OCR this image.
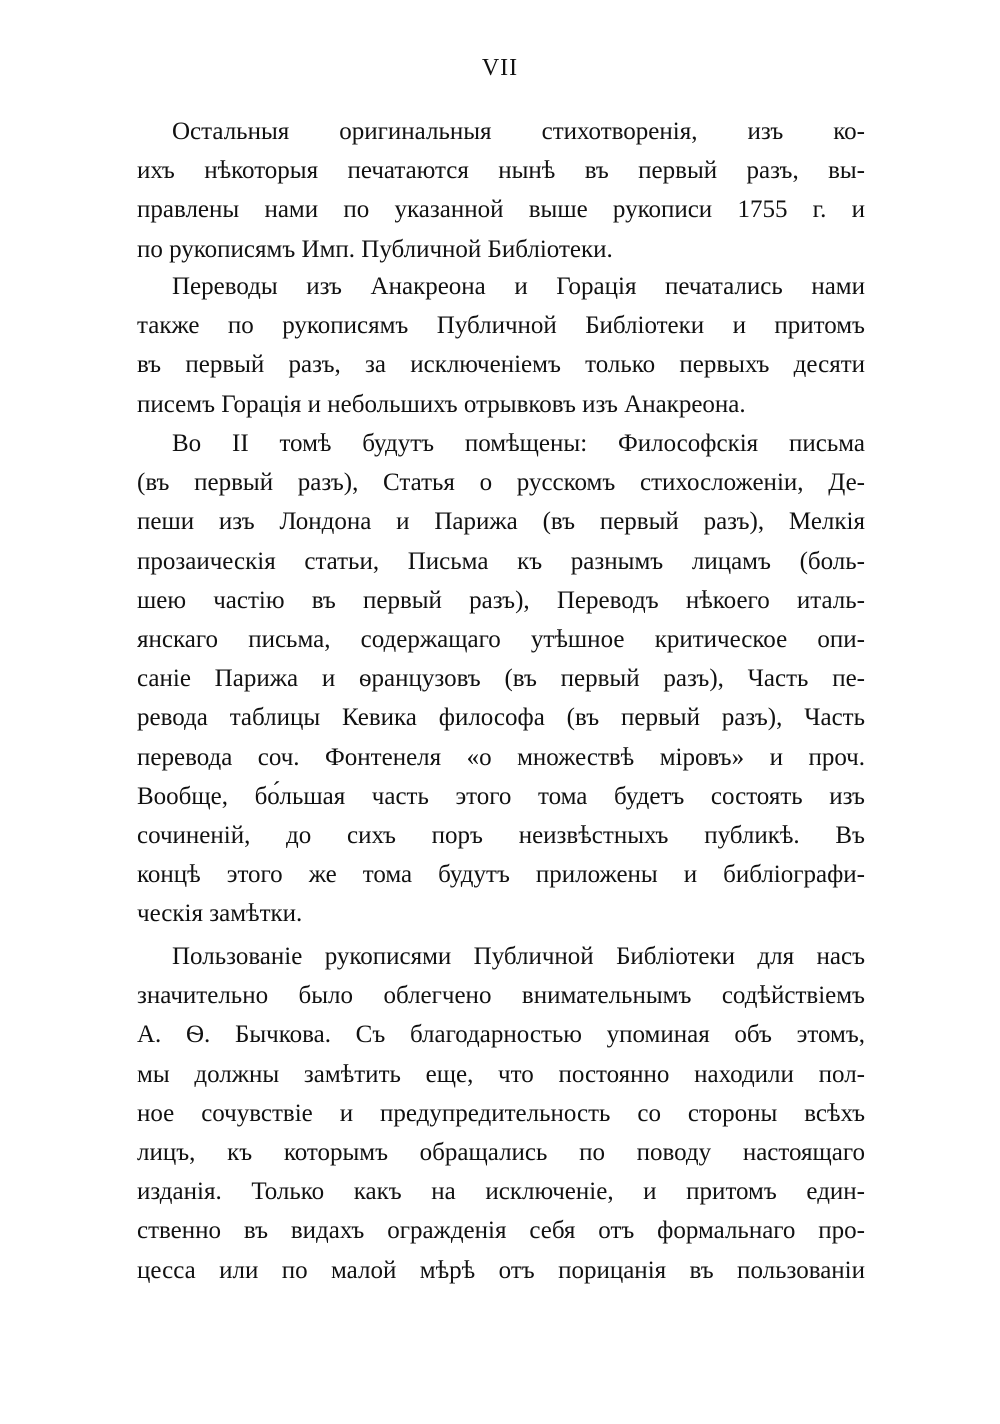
VII
Остальныя оригинальныя стихотворенія, изъ ко-
ихъ нѣкоторыя печатаются нынѣ въ первый разъ, вы-
правлены нами по указанной выше рукописи 1755 г. и
по рукописямъ Имп. Публичной Библіотеки.
Переводы изъ Анакреона и Горація печатались нами
также по рукописямъ Публичной Библіотеки и притомъ
въ первый разъ, за исключеніемъ только первыхъ десяти
писемъ Горація и небольшихъ отрывковъ изъ Анакреона.
Во II томѣ будутъ помѣщены: Философскія письма
(въ первый разъ), Статья о русскомъ стихосложеніи, Де-
пеши изъ Лондона и Парижа (въ первый разъ), Мелкія
прозаическія статьи, Письма къ разнымъ лицамъ (боль-
шею частію въ первый разъ), Переводъ нѣкоего италь-
янскаго письма, содержащаго утѣшное критическое опи-
саніе Парижа и ѳранцузовъ (въ первый разъ), Часть пе-
ревода таблицы Кевика философа (въ первый разъ), Часть
перевода соч. Фонтенеля «о множествѣ міровъ» и проч.
Вообще, бо́льшая часть этого тома будетъ состоять изъ
сочиненій, до сихъ поръ неизвѣстныхъ публикѣ. Въ
концѣ этого же тома будутъ приложены и библіографи-
ческія замѣтки.
Пользованіе рукописями Публичной Библіотеки для насъ
значительно было облегчено внимательнымъ содѣйствіемъ
А. Ѳ. Бычкова. Съ благодарностью упоминая объ этомъ,
мы должны замѣтить еще, что постоянно находили пол-
ное сочувствіе и предупредительность со стороны всѣхъ
лицъ, къ которымъ обращались по поводу настоящаго
изданія. Только какъ на исключеніе, и притомъ един-
ственно въ видахъ огражденія себя отъ формальнаго про-
цесса или по малой мѣрѣ отъ порицанія въ пользованіи
